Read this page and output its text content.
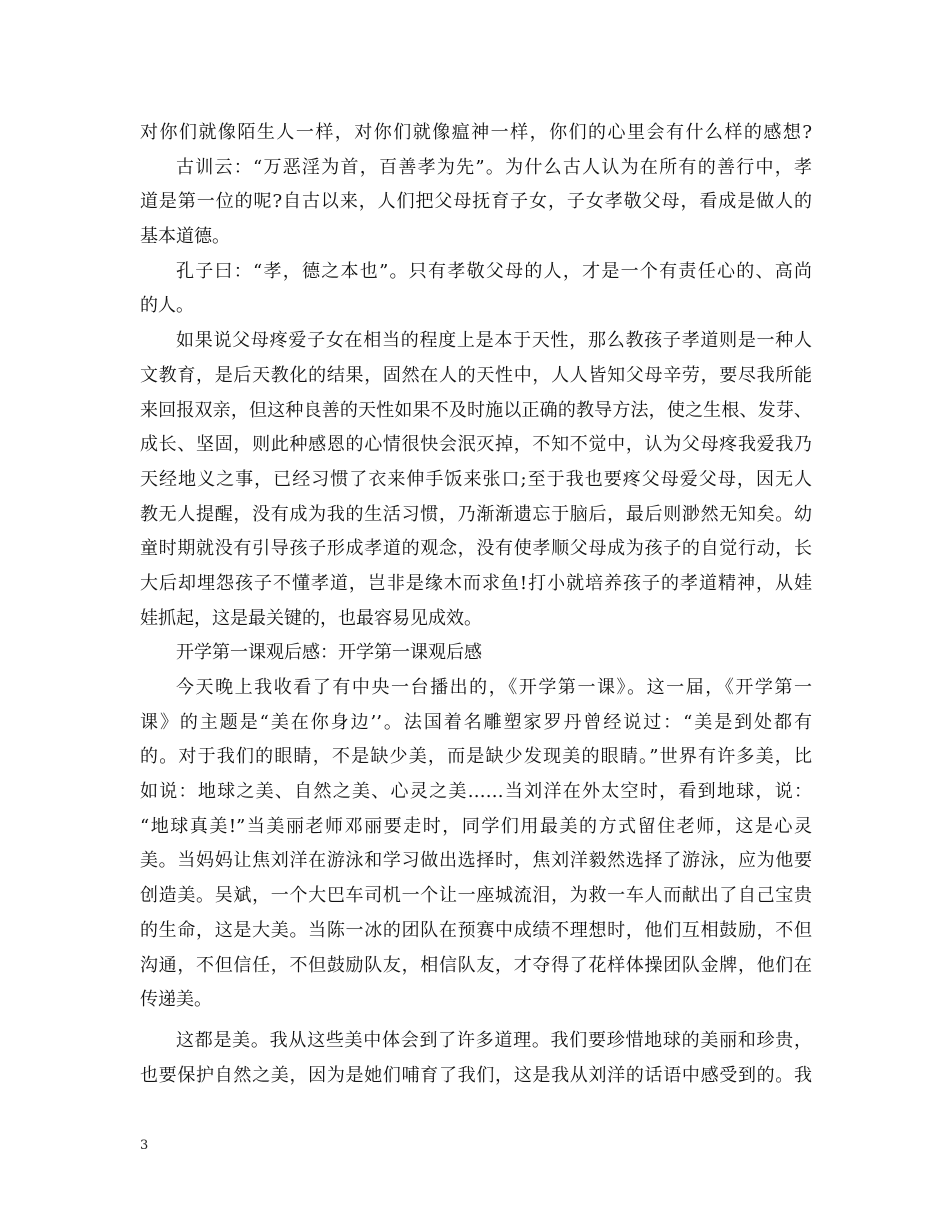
对你们就像陌生人一样，对你们就像瘟神一样，你们的心里会有什么样的感想?
古训云：“万恶淫为首，百善孝为先”。为什么古人认为在所有的善行中，孝
道是第一位的呢?自古以来，人们把父母抚育子女，子女孝敬父母，看成是做人的
基本道德。
孔子曰：“孝，德之本也”。只有孝敬父母的人，才是一个有责任心的、高尚
的人。
如果说父母疼爱子女在相当的程度上是本于天性，那么教孩子孝道则是一种人
文教育，是后天教化的结果，固然在人的天性中，人人皆知父母辛劳，要尽我所能
来回报双亲，但这种良善的天性如果不及时施以正确的教导方法，使之生根、发芽、
成长、坚固，则此种感恩的心情很快会泯灭掉，不知不觉中，认为父母疼我爱我乃
天经地义之事，已经习惯了衣来伸手饭来张口;至于我也要疼父母爱父母，因无人
教无人提醒，没有成为我的生活习惯，乃渐渐遗忘于脑后，最后则渺然无知矣。幼
童时期就没有引导孩子形成孝道的观念，没有使孝顺父母成为孩子的自觉行动，长
大后却埋怨孩子不懂孝道，岂非是缘木而求鱼!打小就培养孩子的孝道精神，从娃
娃抓起，这是最关键的，也最容易见成效。
开学第一课观后感：开学第一课观后感
今天晚上我收看了有中央一台播出的，《开学第一课》。这一届，《开学第一
课》的主题是“美在你身边’’。法国着名雕塑家罗丹曾经说过：“美是到处都有
的。对于我们的眼睛，不是缺少美，而是缺少发现美的眼睛。”世界有许多美，比
如说：地球之美、自然之美、心灵之美……当刘洋在外太空时，看到地球，说：
“地球真美!”当美丽老师邓丽要走时，同学们用最美的方式留住老师，这是心灵
美。当妈妈让焦刘洋在游泳和学习做出选择时，焦刘洋毅然选择了游泳，应为他要
创造美。吴斌，一个大巴车司机一个让一座城流泪，为救一车人而献出了自己宝贵
的生命，这是大美。当陈一冰的团队在预赛中成绩不理想时，他们互相鼓励，不但
沟通，不但信任，不但鼓励队友，相信队友，才夺得了花样体操团队金牌，他们在
传递美。
这都是美。我从这些美中体会到了许多道理。我们要珍惜地球的美丽和珍贵，
也要保护自然之美，因为是她们哺育了我们，这是我从刘洋的话语中感受到的。我
3
